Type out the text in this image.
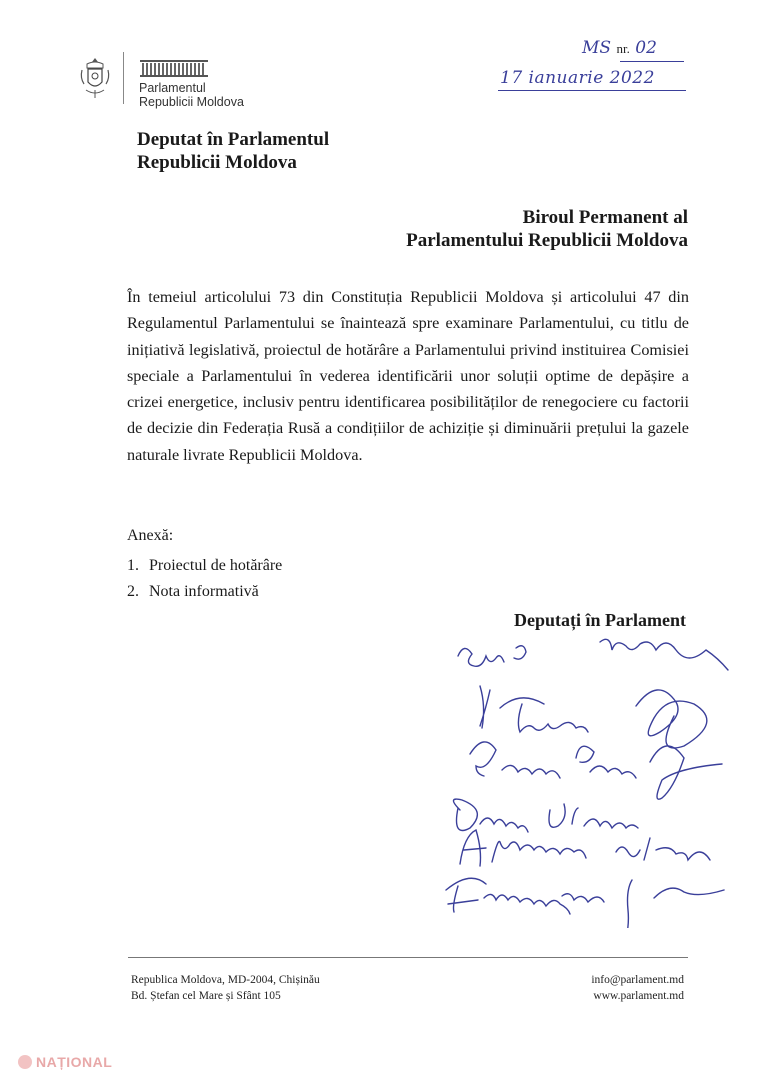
Parlamentul
Republicii Moldova
MS nr. 02
17 ianuarie 2022
Deputat în Parlamentul
Republicii Moldova
Biroul Permanent al
Parlamentului Republicii Moldova
În temeiul articolului 73 din Constituția Republicii Moldova și articolului 47 din Regulamentul Parlamentului se înaintează spre examinare Parlamentului, cu titlu de inițiativă legislativă, proiectul de hotărâre a Parlamentului privind instituirea Comisiei speciale a Parlamentului în vederea identificării unor soluții optime de depășire a crizei energetice, inclusiv pentru identificarea posibilităților de renegociere cu factorii de decizie din Federația Rusă a condițiilor de achiziție și diminuării prețului la gazele naturale livrate Republicii Moldova.
Anexă:
1. Proiectul de hotărâre
2. Nota informativă
Deputați în Parlament
Republica Moldova, MD-2004, Chișinău
Bd. Ștefan cel Mare și Sfânt 105
info@parlament.md
www.parlament.md
NAȚIONAL
